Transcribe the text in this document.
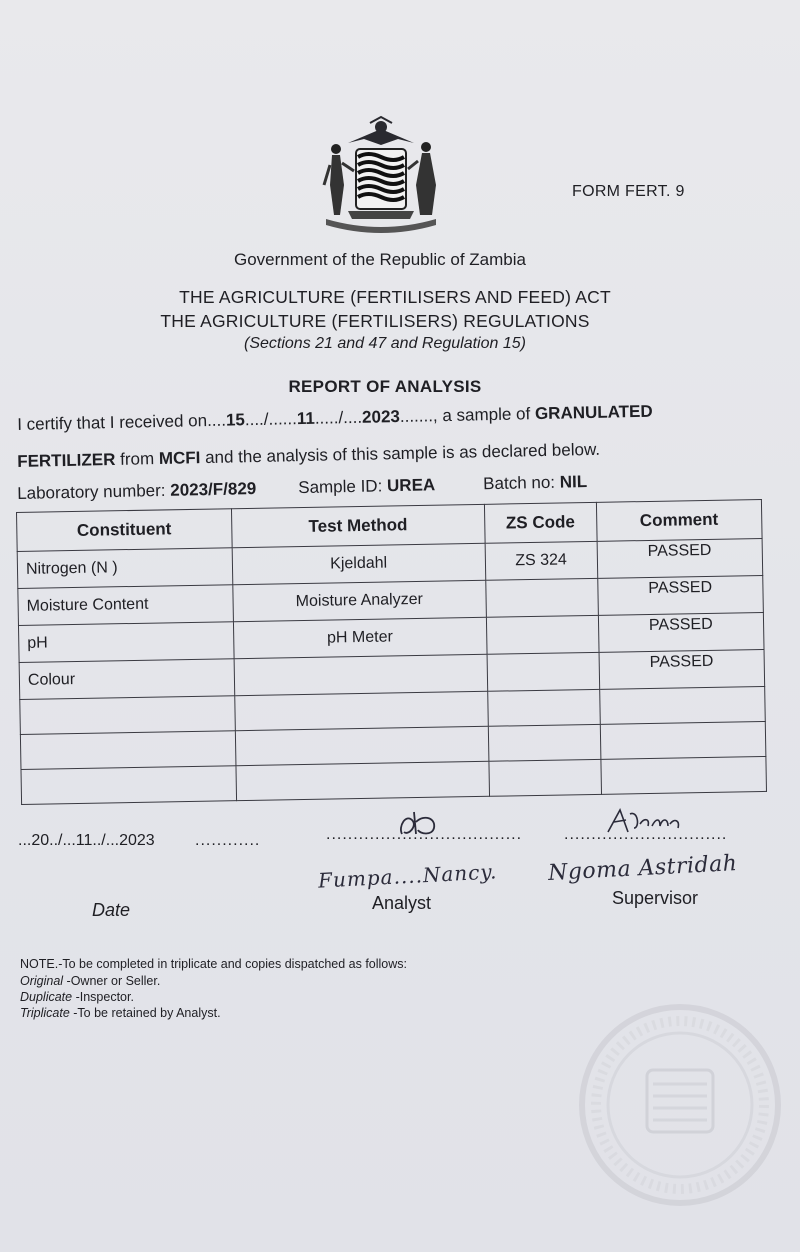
FORM FERT. 9
Government of the Republic of Zambia
THE AGRICULTURE (FERTILISERS AND FEED) ACT
THE AGRICULTURE (FERTILISERS) REGULATIONS
(Sections 21 and 47 and Regulation 15)
REPORT OF ANALYSIS
I certify that I received on....15..../......11...../....2023......., a sample of GRANULATED
FERTILIZER from MCFI and the analysis of this sample is as declared below.
Laboratory number: 2023/F/829 Sample ID: UREA	Batch no: NIL
Constituent	Test Method	ZS Code	Comment
Nitrogen (N )	Kjeldahl	ZS 324	PASSED
Moisture Content	Moisture Analyzer		PASSED
pH	pH Meter		PASSED
Colour			PASSED

...20../...11../...2023	............	....................................	..............................
Fumpa....Nancy. Ngoma Astridah
Date	Analyst	Supervisor
NOTE.-To be completed in triplicate and copies dispatched as follows:
Original -Owner or Seller.
Duplicate -Inspector.
Triplicate -To be retained by Analyst.
